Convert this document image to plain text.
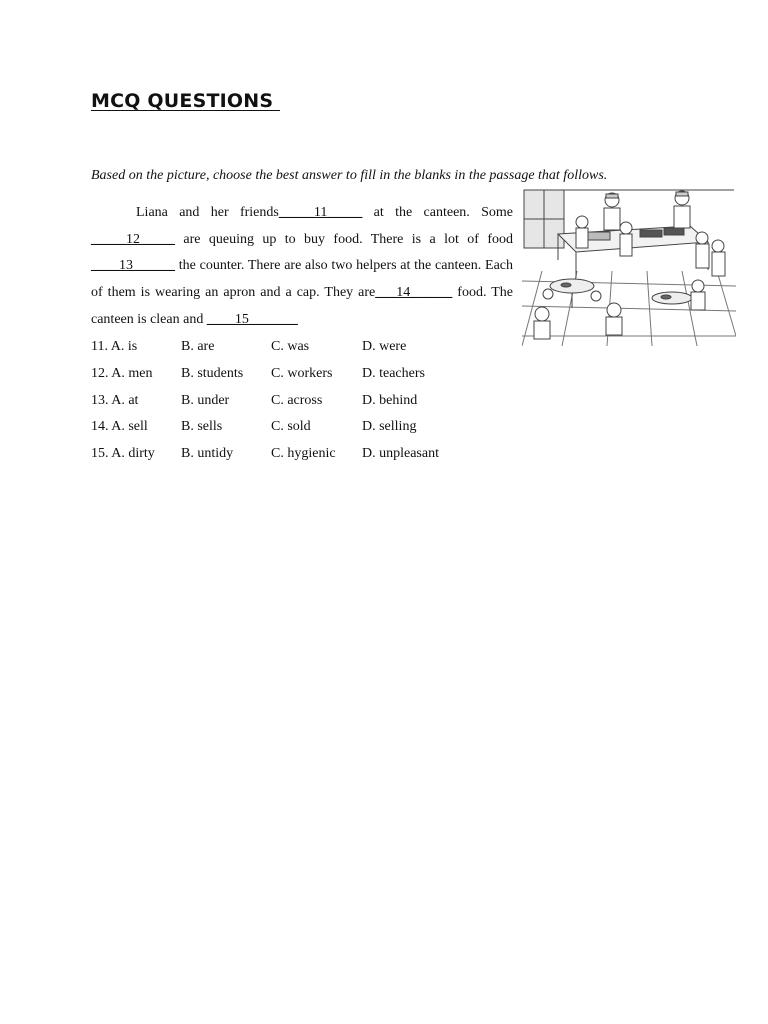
MCQ QUESTIONS
Based on the picture, choose the best answer to fill in the blanks in the passage that follows.

Liana and her friends_____11_____ at the canteen. Some _____12_____ are queuing up to buy food. There is a lot of food ____13______ the counter. There are also two helpers at the canteen. Each of them is wearing an apron and a cap. They are___14______ food. The canteen is clean and ____15_______

11. A. is	B. are	C. was	D. were
12. A. men	B. students	C. workers	D. teachers
13. A. at	B. under	C. across	D. behind
14. A. sell	B. sells	C. sold	D. selling
15. A. dirty	B. untidy	C. hygienic	D. unpleasant
